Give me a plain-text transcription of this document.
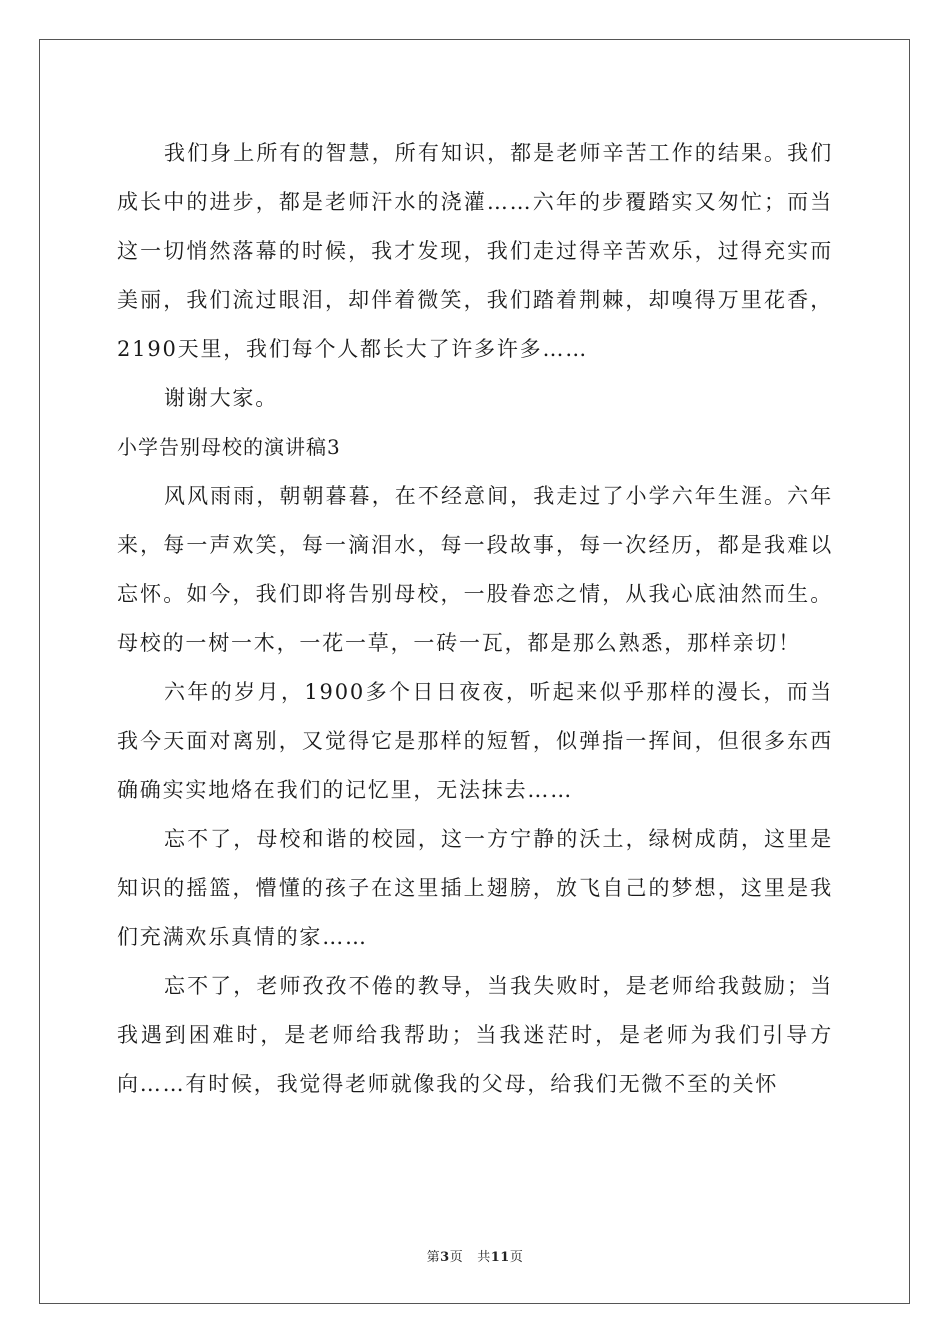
我们身上所有的智慧，所有知识，都是老师辛苦工作的结果。我们成长中的进步，都是老师汗水的浇灌……六年的步覆踏实又匆忙；而当这一切悄然落幕的时候，我才发现，我们走过得辛苦欢乐，过得充实而美丽，我们流过眼泪，却伴着微笑，我们踏着荆棘，却嗅得万里花香，2190天里，我们每个人都长大了许多许多……

谢谢大家。

小学告别母校的演讲稿3

风风雨雨，朝朝暮暮，在不经意间，我走过了小学六年生涯。六年来，每一声欢笑，每一滴泪水，每一段故事，每一次经历，都是我难以忘怀。如今，我们即将告别母校，一股眷恋之情，从我心底油然而生。母校的一树一木，一花一草，一砖一瓦，都是那么熟悉，那样亲切！

六年的岁月，1900多个日日夜夜，听起来似乎那样的漫长，而当我今天面对离别，又觉得它是那样的短暂，似弹指一挥间，但很多东西确确实实地烙在我们的记忆里，无法抹去……

忘不了，母校和谐的校园，这一方宁静的沃土，绿树成荫，这里是知识的摇篮，懵懂的孩子在这里插上翅膀，放飞自己的梦想，这里是我们充满欢乐真情的家……

忘不了，老师孜孜不倦的教导，当我失败时，是老师给我鼓励；当我遇到困难时，是老师给我帮助；当我迷茫时，是老师为我们引导方向……有时候，我觉得老师就像我的父母，给我们无微不至的关怀

第3页 共11页
